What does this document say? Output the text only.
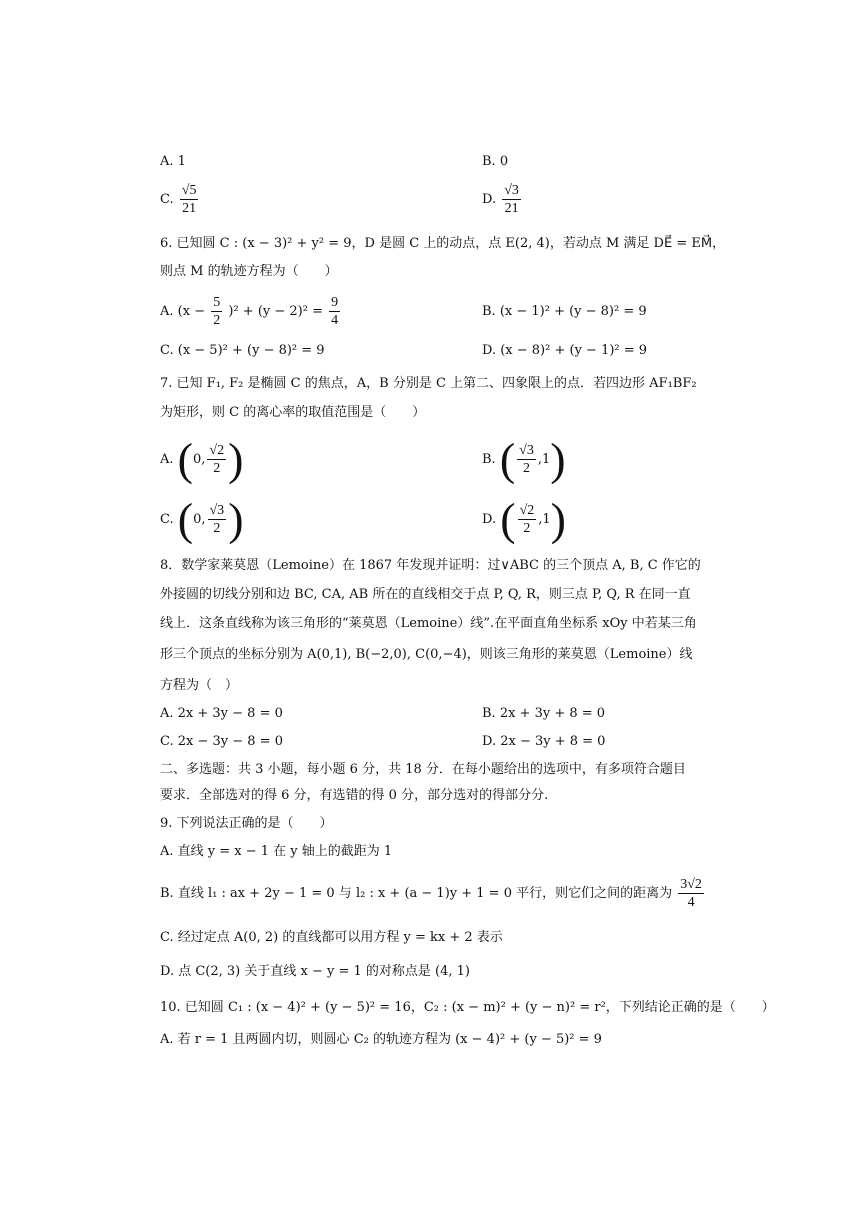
A. 1	B. 0
C. $\frac{√5}{21}$	D. $\frac{√3}{21}$
6. 已知圆 C : (x − 3)² + y² = 9，D 是圆 C 上的动点，点 E(2, 4)，若动点 M 满足 DE⃗ = EM⃗，
则点 M 的轨迹方程为（　　）
A. $(x - \frac{5}{2} )^2 + (y - 2)^2 = \frac{9}{4}$	B. (x − 1)² + (y − 8)² = 9
C. (x − 5)² + (y − 8)² = 9	D. (x − 8)² + (y − 1)² = 9
7. 已知 F₁, F₂ 是椭圆 C 的焦点，A，B 分别是 C 上第二、四象限上的点．若四边形 AF₁BF₂
为矩形，则 C 的离心率的取值范围是（　　）
A. (0, $\frac{√2}{2}$ )	B. ( $\frac{√3}{2} ,1$)
C. (0, $\frac{√3}{2}$ )	D. ( $\frac{√2}{2} ,1$)
8．数学家莱莫恩（Lemoine）在 1867 年发现并证明：过∨ABC 的三个顶点 A, B, C 作它的
外接圆的切线分别和边 BC, CA, AB 所在的直线相交于点 P, Q, R，则三点 P, Q, R 在同一直
线上．这条直线称为该三角形的“莱莫恩（Lemoine）线”.在平面直角坐标系 xOy 中若某三角
形三个顶点的坐标分别为 A(0,1), B(−2,0), C(0,−4)，则该三角形的莱莫恩（Lemoine）线
方程为（　）
A. 2x + 3y − 8 = 0	B. 2x + 3y + 8 = 0
C. 2x − 3y − 8 = 0	D. 2x − 3y + 8 = 0
二、多选题：共 3 小题，每小题 6 分，共 18 分．在每小题给出的选项中，有多项符合题目
要求．全部选对的得 6 分，有选错的得 0 分，部分选对的得部分分.
9. 下列说法正确的是（　　）
A. 直线 y = x − 1 在 y 轴上的截距为 1
B. 直线 l₁ : ax + 2y − 1 = 0 与 l₂ : x + (a − 1)y + 1 = 0 平行，则它们之间的距离为 $\frac{3√2}{4}$
C. 经过定点 A(0, 2) 的直线都可以用方程 y = kx + 2 表示
D. 点 C(2, 3) 关于直线 x − y = 1 的对称点是 (4, 1)
10. 已知圆 C₁ : (x − 4)² + (y − 5)² = 16，C₂ : (x − m)² + (y − n)² = r²，下列结论正确的是（　　）
A. 若 r = 1 且两圆内切，则圆心 C₂ 的轨迹方程为 (x − 4)² + (y − 5)² = 9
